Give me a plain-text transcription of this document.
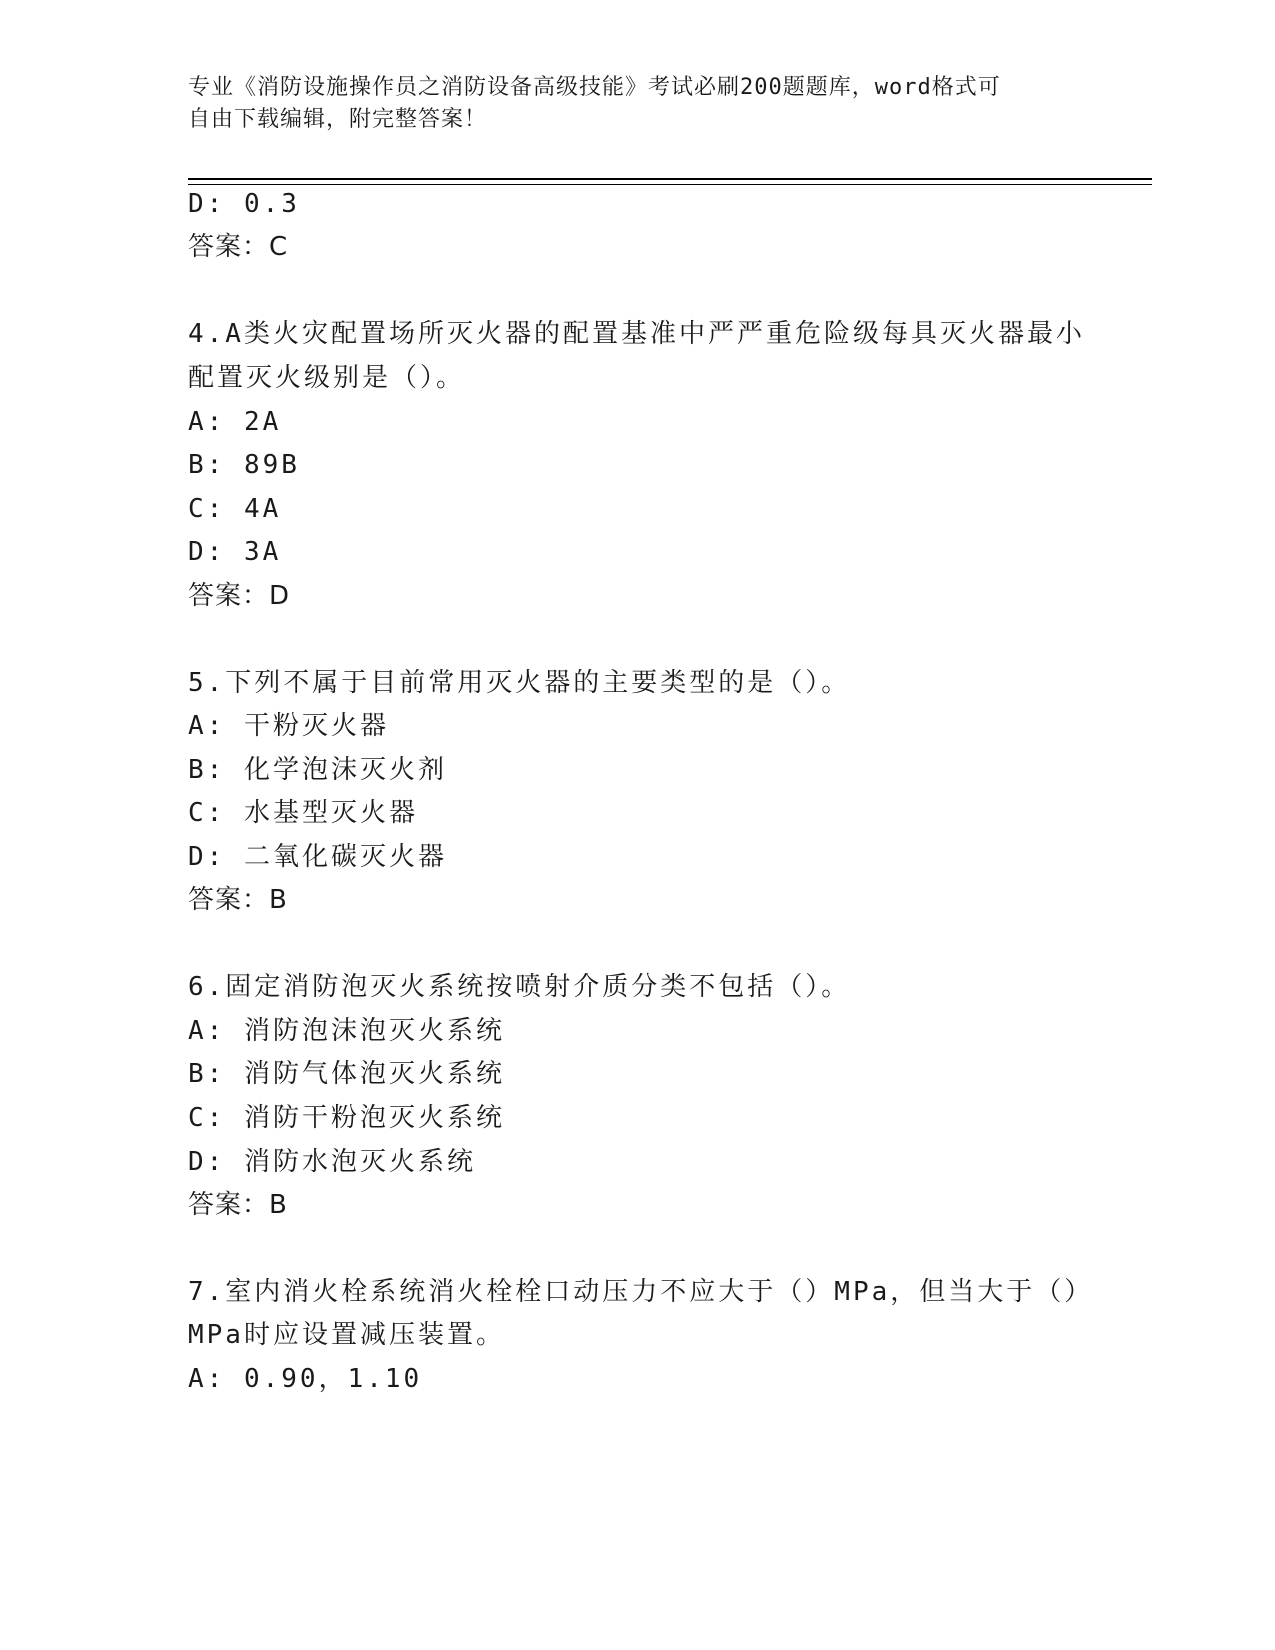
专业《消防设施操作员之消防设备高级技能》考试必刷200题题库，word格式可
自由下载编辑，附完整答案！
D: 0.3
答案：C
4.A类火灾配置场所灭火器的配置基准中严严重危险级每具灭火器最小
配置灭火级别是（）。
A: 2A
B: 89B
C: 4A
D: 3A
答案：D
5.下列不属于目前常用灭火器的主要类型的是（）。
A: 干粉灭火器
B: 化学泡沫灭火剂
C: 水基型灭火器
D: 二氧化碳灭火器
答案：B
6.固定消防泡灭火系统按喷射介质分类不包括（）。
A: 消防泡沫泡灭火系统
B: 消防气体泡灭火系统
C: 消防干粉泡灭火系统
D: 消防水泡灭火系统
答案：B
7.室内消火栓系统消火栓栓口动压力不应大于（）MPa，但当大于（）
MPa时应设置减压装置。
A: 0.90，1.10
